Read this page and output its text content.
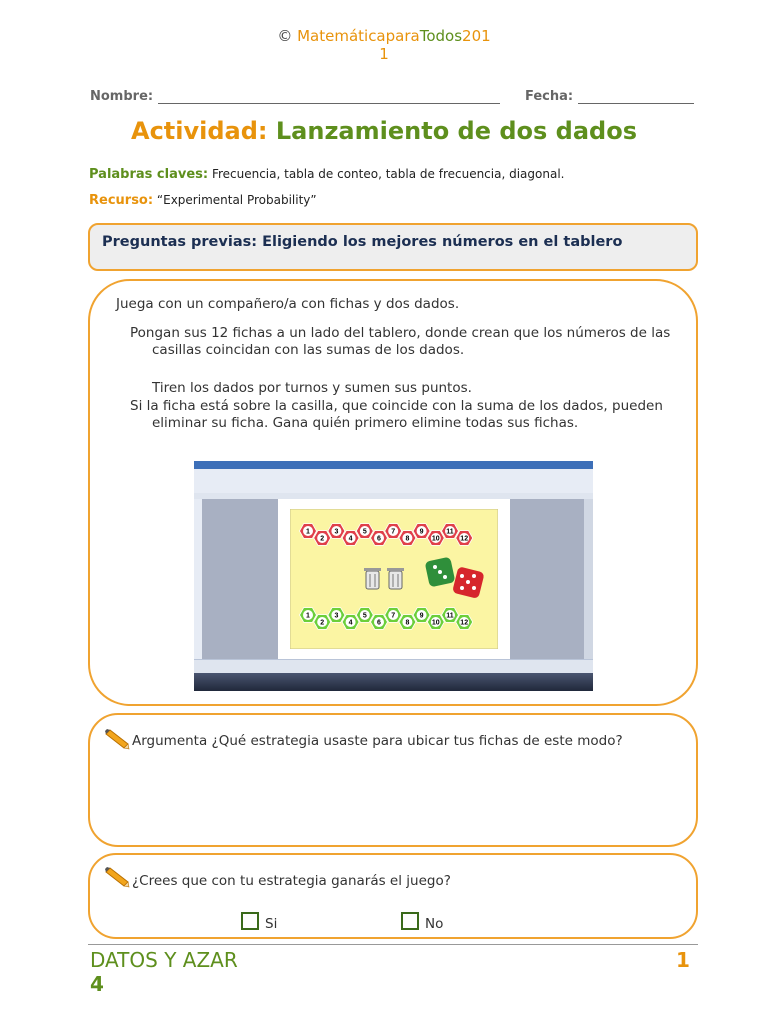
© MatemáticaparaTodos201
1
Nombre:	Fecha:
Actividad: Lanzamiento de dos dados
Palabras claves: Frecuencia, tabla de conteo, tabla de frecuencia, diagonal.
Recurso: “Experimental Probability”
Preguntas previas: Eligiendo los mejores números en el tablero
Juega con un compañero/a con fichas y dos dados.
Pongan sus 12 fichas a un lado del tablero, donde crean que los números de las casillas coincidan con las sumas de los dados.
Tiren los dados por turnos y sumen sus puntos.
Si la ficha está sobre la casilla, que coincide con la suma de los dados, pueden eliminar su ficha. Gana quién primero elimine todas sus fichas.
1
2
3
4
5
6
7
8
9
10
11
12
1
2
3
4
5
6
7
8
9
10
11
12
Argumenta ¿Qué estrategia usaste para ubicar tus fichas de este modo?
¿Crees que con tu estrategia ganarás el juego?
Si	No
DATOS Y AZAR
4
1
